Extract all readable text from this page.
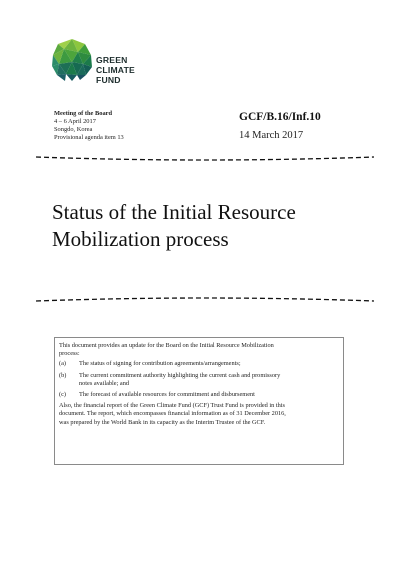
GREEN
CLIMATE
FUND
Meeting of the Board
4 – 6 April 2017
Songdo, Korea
Provisional agenda item 13
GCF/B.16/Inf.10
14 March 2017
Status of the Initial Resource
Mobilization process

This document provides an update for the Board on the Initial Resource Mobilization
process:

(a) The status of signing for contribution agreements/arrangements;
(b) The current commitment authority highlighting the current cash and promissory
notes available; and
(c) The forecast of available resources for commitment and disbursement

Also, the financial report of the Green Climate Fund (GCF) Trust Fund is provided in this
document. The report, which encompasses financial information as of 31 December 2016,
was prepared by the World Bank in its capacity as the Interim Trustee of the GCF.
